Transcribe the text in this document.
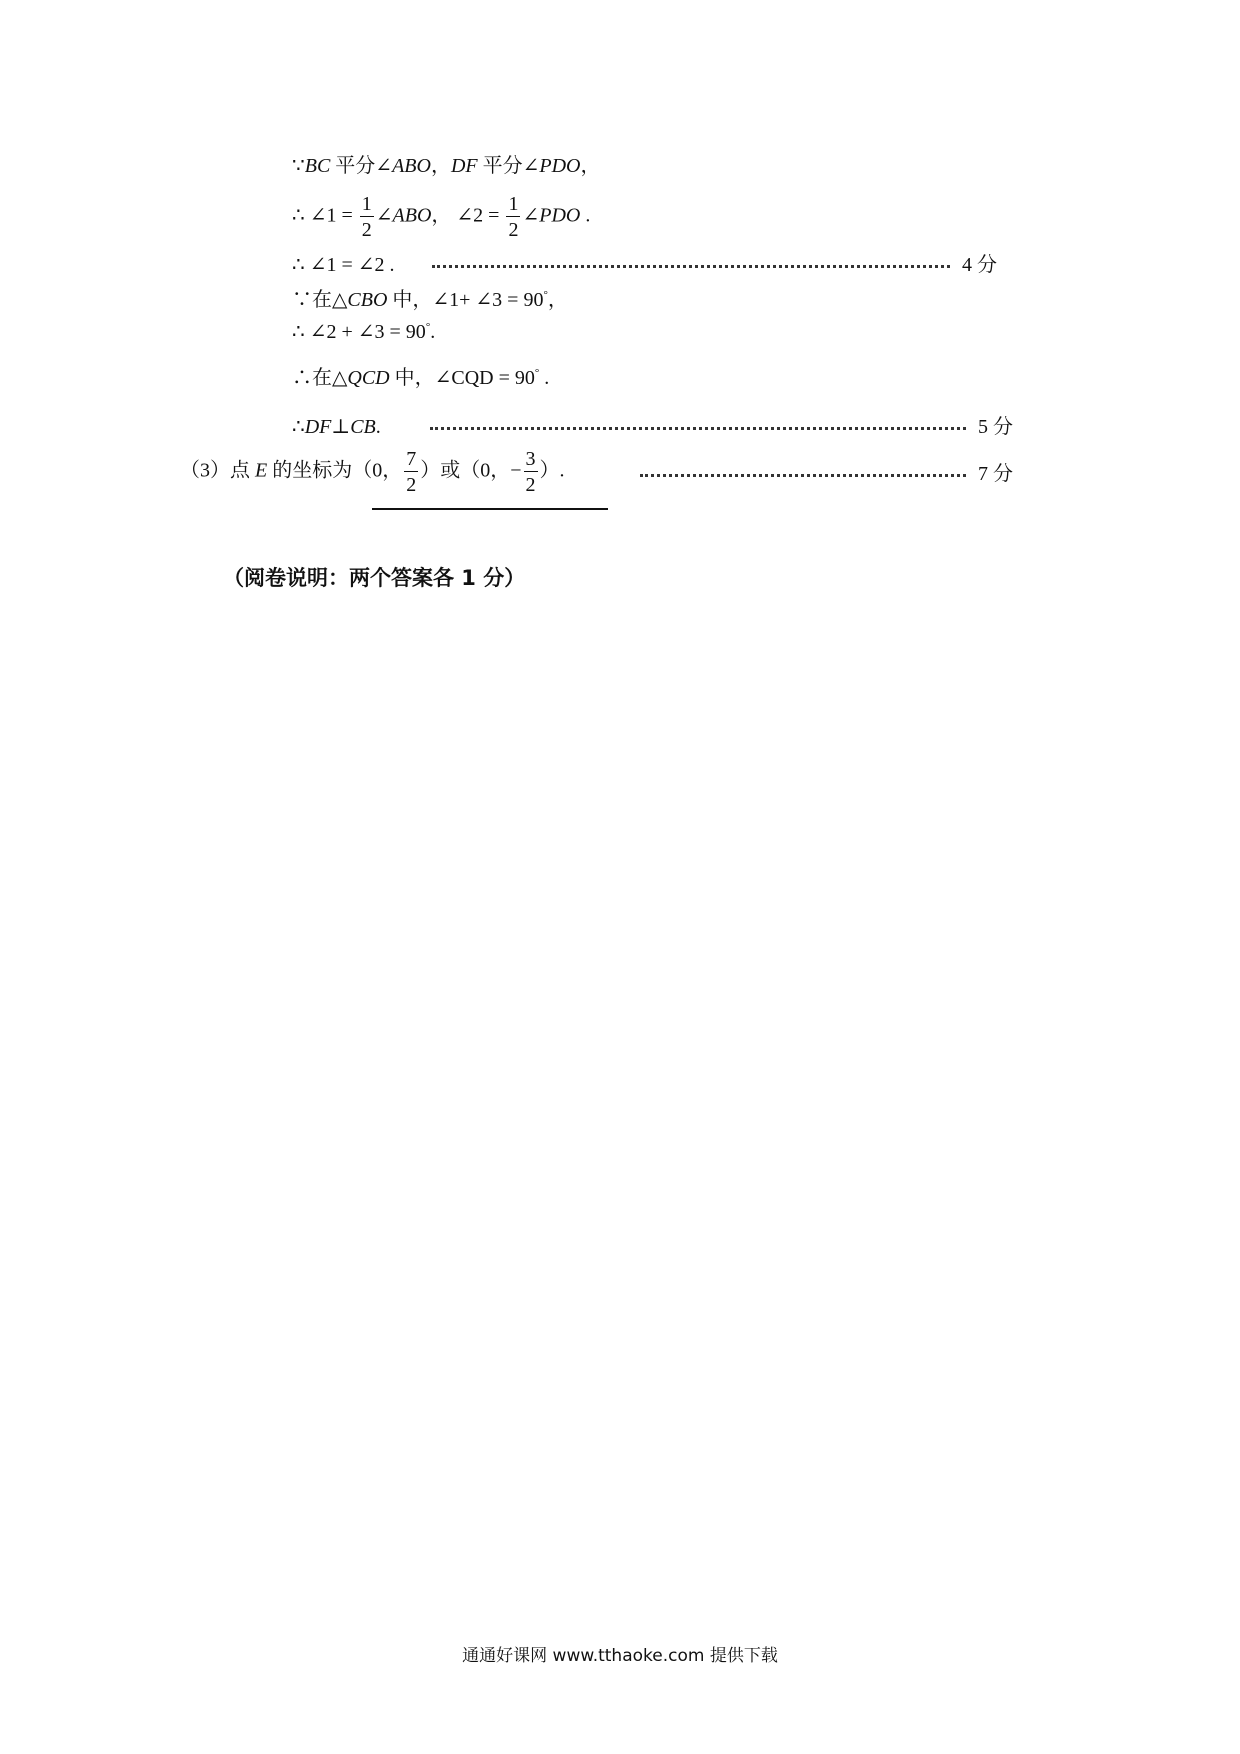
∵BC 平分∠ABO，DF 平分∠PDO，
∴ ∠1 = $\frac{1}{2}$ ∠ABO， ∠2 = $\frac{1}{2}$ ∠PDO .
∴ ∠1 = ∠2 .	4 分
∵在△CBO 中，∠1+ ∠3 = 90°，
∴ ∠2 + ∠3 = 90°.
∴在△QCD 中，∠CQD = 90° .
∴DF⊥CB.	5 分
（3）点 E 的坐标为（0， $\frac{7}{2}$ ）或（0，− $\frac{3}{2}$ ）.	7 分
（阅卷说明：两个答案各 1 分）
通通好课网 www.tthaoke.com 提供下载
